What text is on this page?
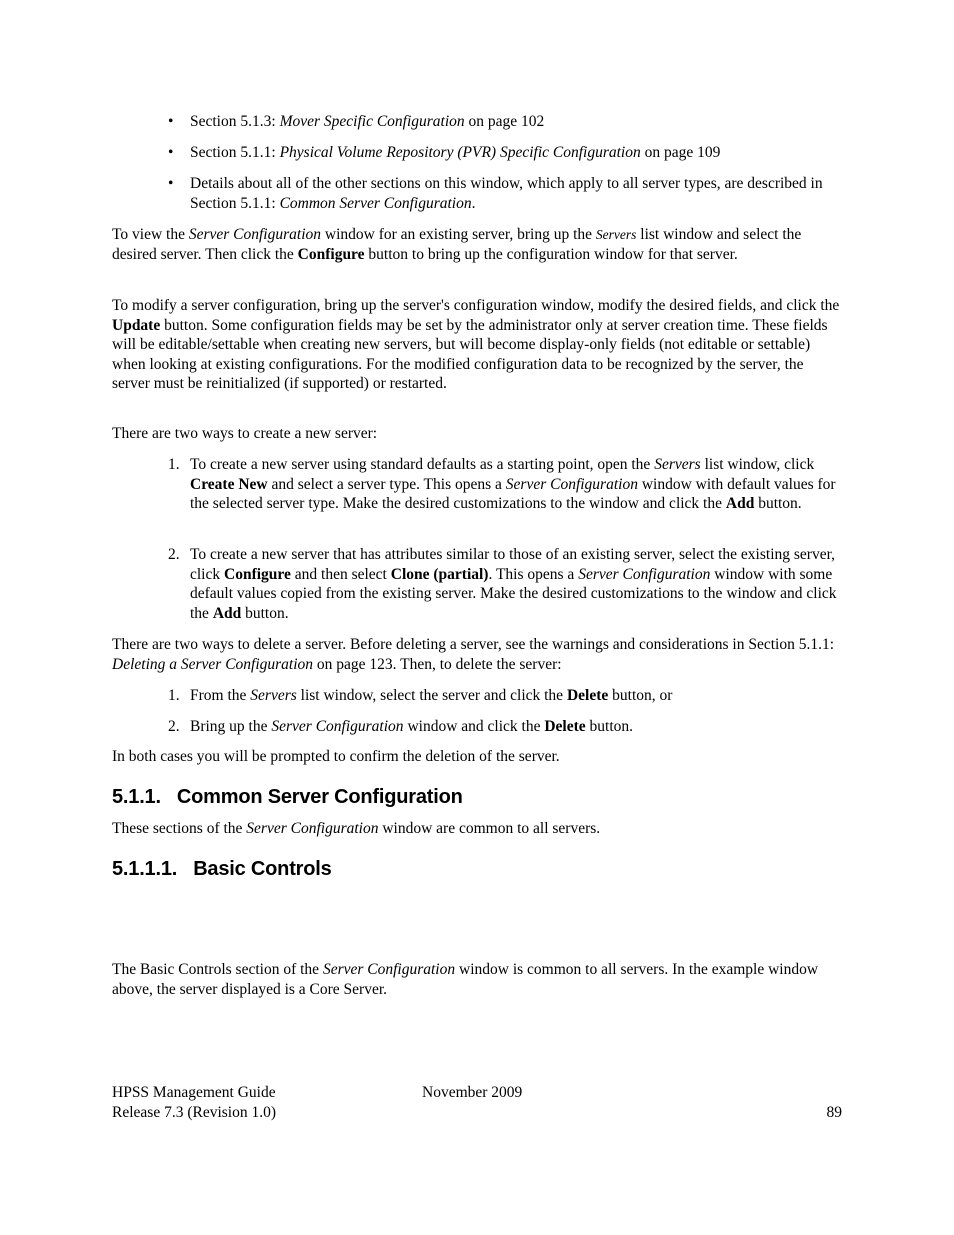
• Section 5.1.3: Mover Specific Configuration on page 102
• Section 5.1.1: Physical Volume Repository (PVR) Specific Configuration on page 109
• Details about all of the other sections on this window, which apply to all server types, are described in Section 5.1.1: Common Server Configuration.

To view the Server Configuration window for an existing server, bring up the Servers list window and select the desired server. Then click the Configure button to bring up the configuration window for that server.

To modify a server configuration, bring up the server's configuration window, modify the desired fields, and click the Update button. Some configuration fields may be set by the administrator only at server creation time. These fields will be editable/settable when creating new servers, but will become display-only fields (not editable or settable) when looking at existing configurations. For the modified configuration data to be recognized by the server, the server must be reinitialized (if supported) or restarted.

There are two ways to create a new server:

1. To create a new server using standard defaults as a starting point, open the Servers list window, click Create New and select a server type. This opens a Server Configuration window with default values for the selected server type. Make the desired customizations to the window and click the Add button.
2. To create a new server that has attributes similar to those of an existing server, select the existing server, click Configure and then select Clone (partial). This opens a Server Configuration window with some default values copied from the existing server. Make the desired customizations to the window and click the Add button.

There are two ways to delete a server. Before deleting a server, see the warnings and considerations in Section 5.1.1: Deleting a Server Configuration on page 123. Then, to delete the server:

1. From the Servers list window, select the server and click the Delete button, or
2. Bring up the Server Configuration window and click the Delete button.

In both cases you will be prompted to confirm the deletion of the server.

5.1.1.   Common Server Configuration

These sections of the Server Configuration window are common to all servers.

5.1.1.1.   Basic Controls

The Basic Controls section of the Server Configuration window is common to all servers. In the example window above, the server displayed is a Core Server.

HPSS Management Guide	November 2009
Release 7.3 (Revision 1.0)	89
